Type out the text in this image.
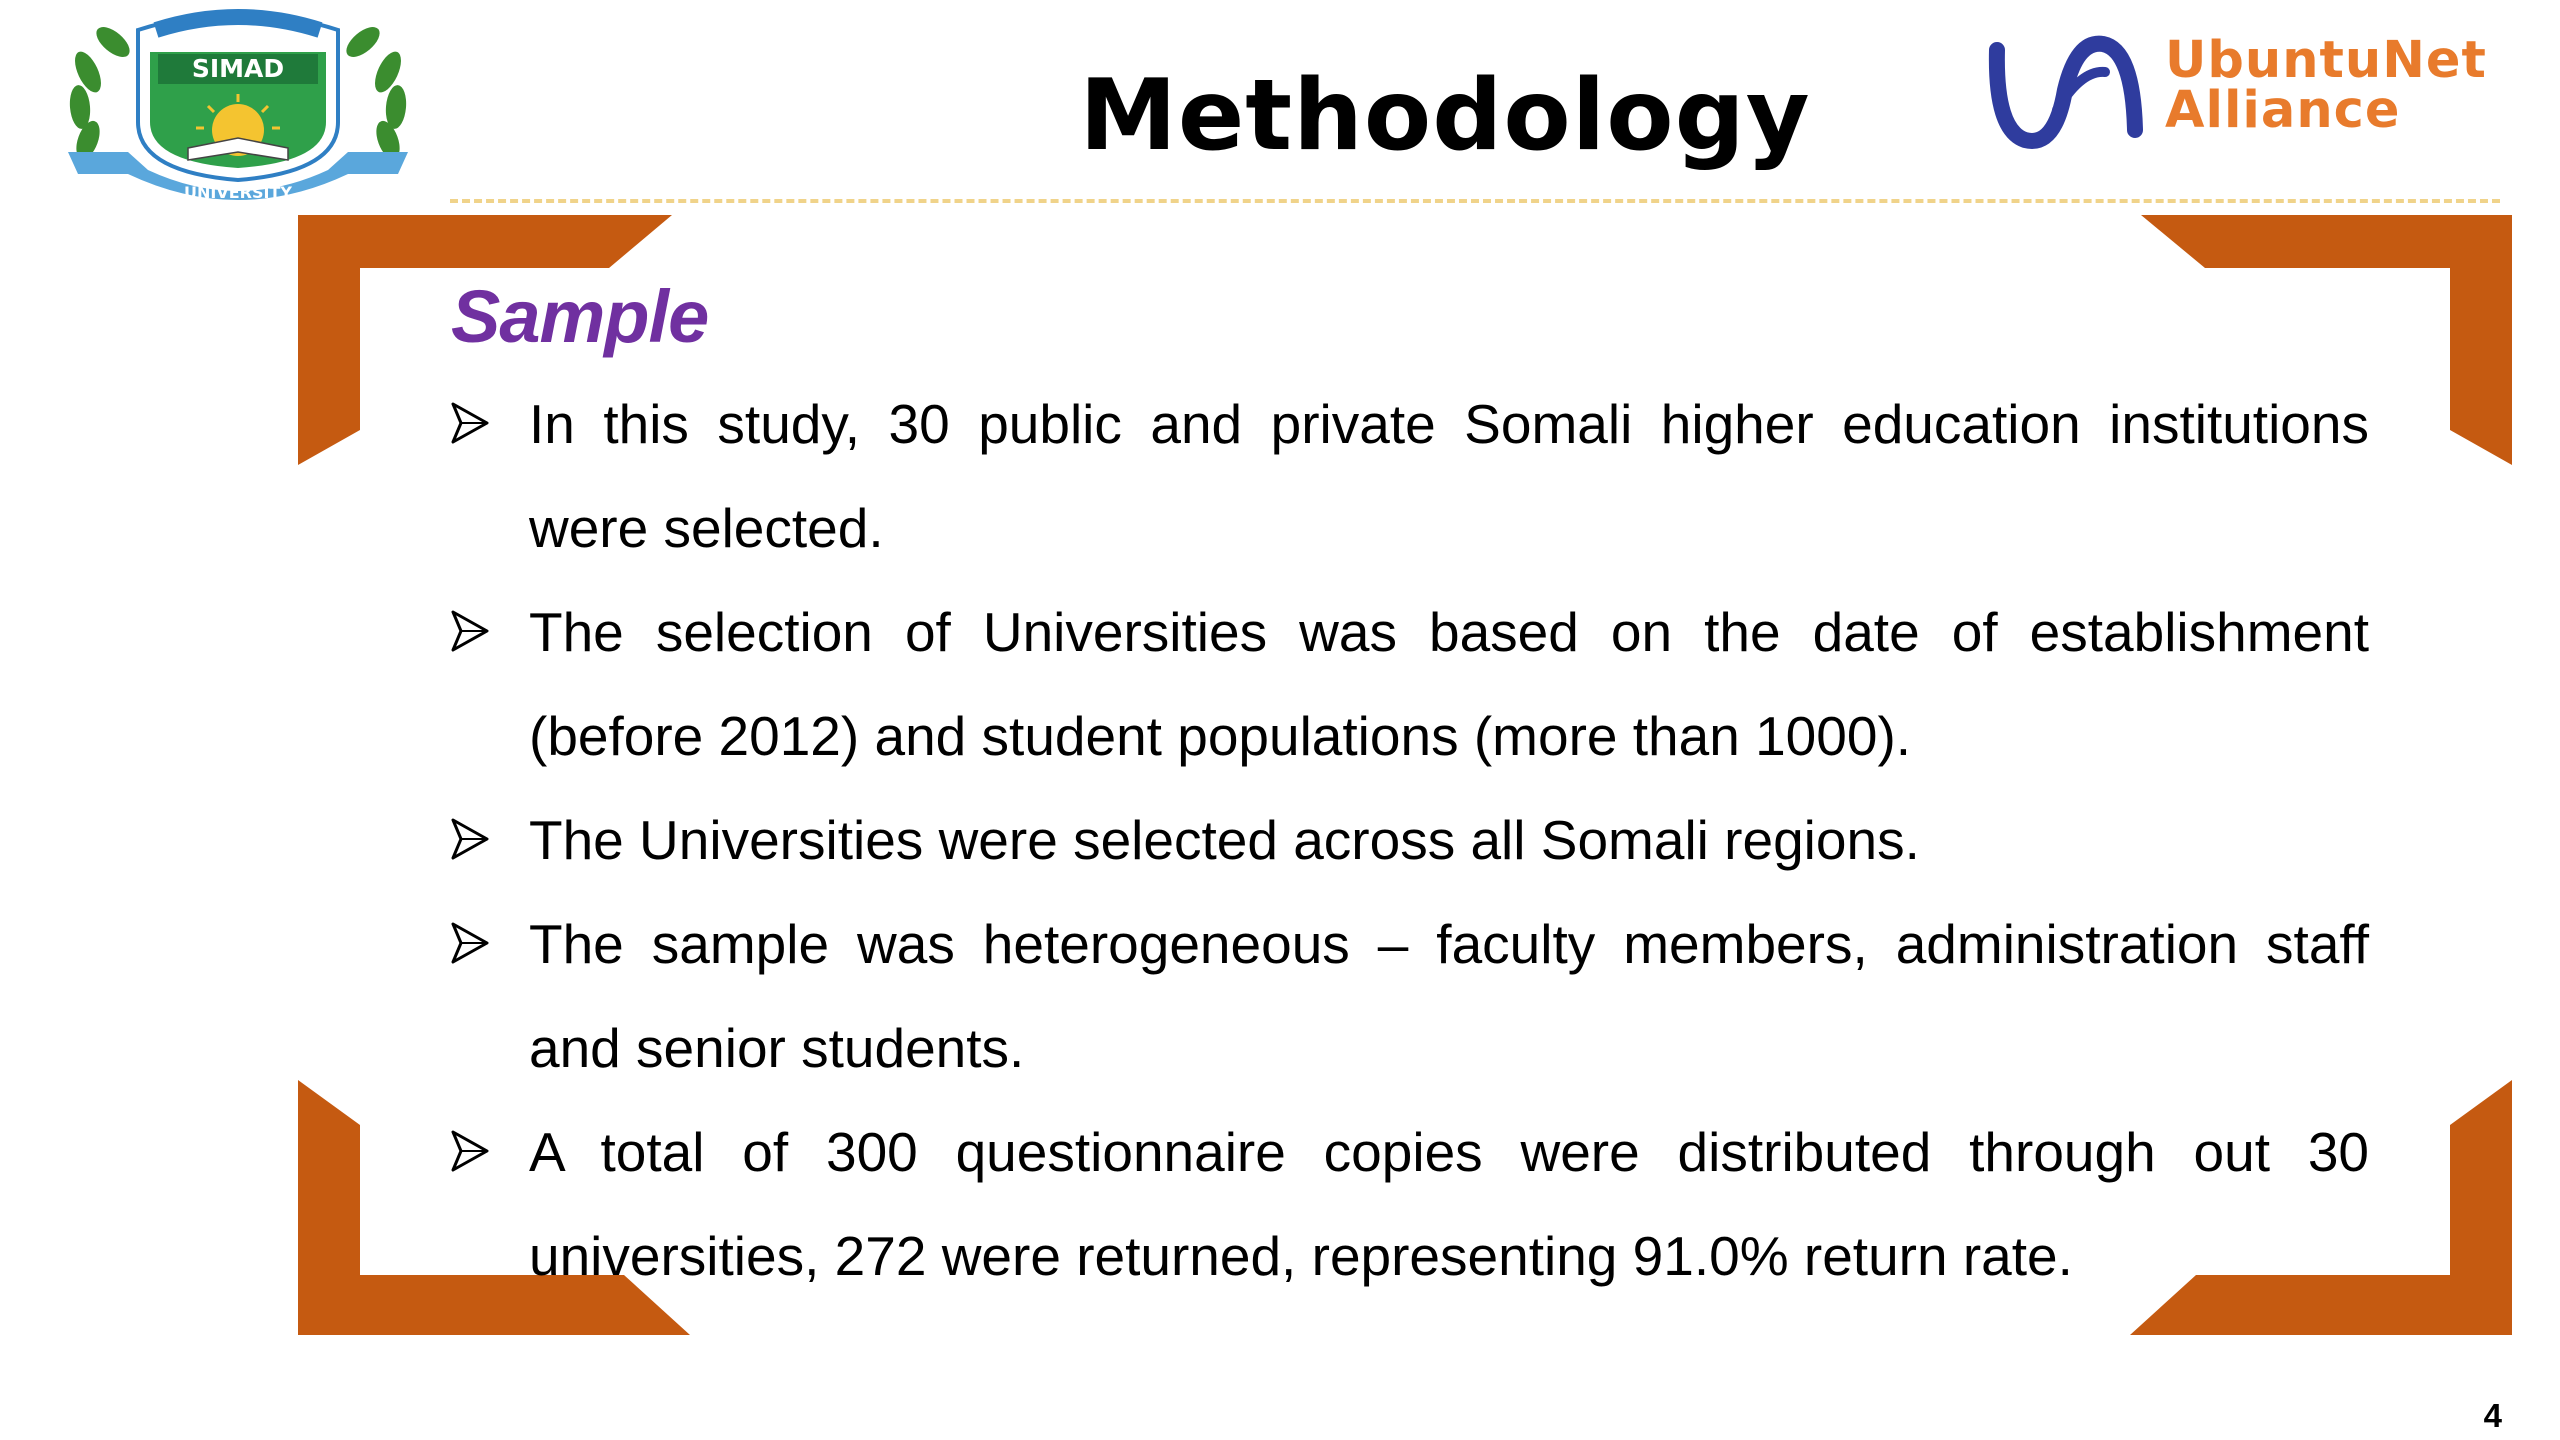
SIMAD
UNIVERSITY
Methodology	UbuntuNet
Alliance
Sample
In this study, 30 public and private Somali higher education institutions were selected.
The selection of Universities was based on the date of establishment (before 2012) and student populations (more than 1000).
The Universities were selected across all Somali regions.
The sample was heterogeneous – faculty members, administration staff and senior students.
A total of 300 questionnaire copies were distributed through out 30 universities, 272 were returned, representing 91.0% return rate.
4
